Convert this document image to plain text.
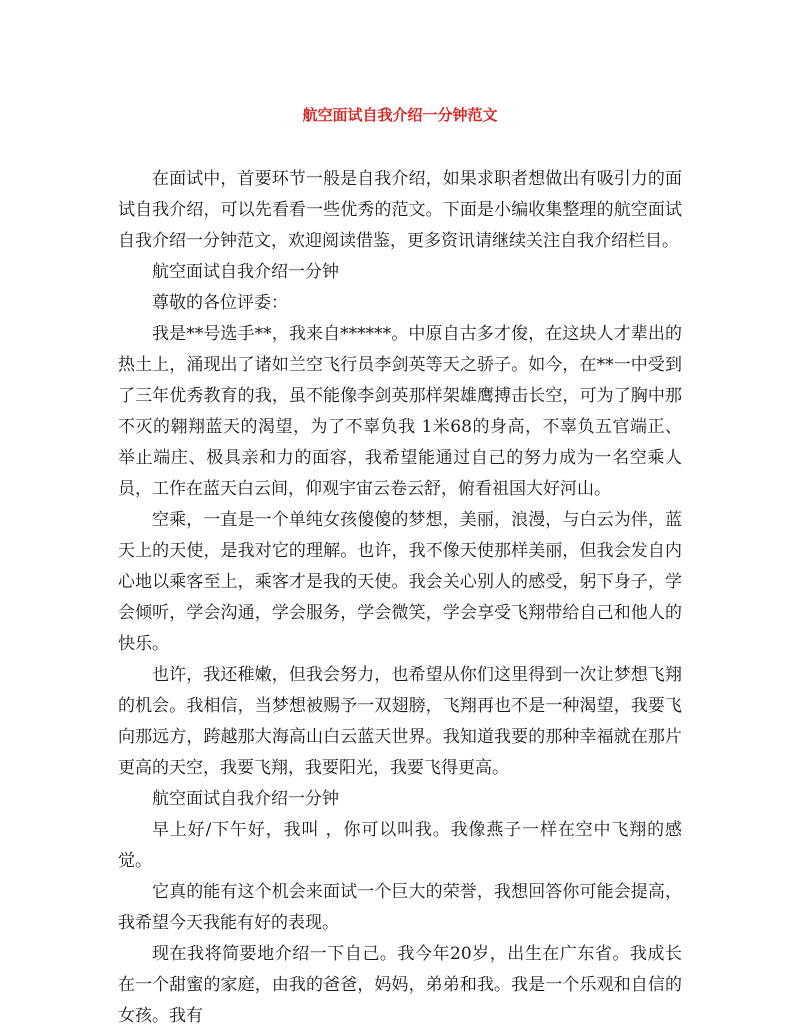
航空面试自我介绍一分钟范文

在面试中，首要环节一般是自我介绍，如果求职者想做出有吸引力的面试自我介绍，可以先看看一些优秀的范文。下面是小编收集整理的航空面试自我介绍一分钟范文，欢迎阅读借鉴，更多资讯请继续关注自我介绍栏目。

航空面试自我介绍一分钟

尊敬的各位评委：

我是**号选手**，我来自******。中原自古多才俊，在这块人才辈出的热土上，涌现出了诸如兰空飞行员李剑英等天之骄子。如今，在**一中受到了三年优秀教育的我，虽不能像李剑英那样架雄鹰搏击长空，可为了胸中那不灭的翱翔蓝天的渴望，为了不辜负我 1米68的身高，不辜负五官端正、举止端庄、极具亲和力的面容，我希望能通过自己的努力成为一名空乘人员，工作在蓝天白云间，仰观宇宙云卷云舒，俯看祖国大好河山。

空乘，一直是一个单纯女孩傻傻的梦想，美丽，浪漫，与白云为伴，蓝天上的天使，是我对它的理解。也许，我不像天使那样美丽，但我会发自内心地以乘客至上，乘客才是我的天使。我会关心别人的感受，躬下身子，学会倾听，学会沟通，学会服务，学会微笑，学会享受飞翔带给自己和他人的快乐。

也许，我还稚嫩，但我会努力，也希望从你们这里得到一次让梦想飞翔的机会。我相信，当梦想被赐予一双翅膀，飞翔再也不是一种渴望，我要飞向那远方，跨越那大海高山白云蓝天世界。我知道我要的那种幸福就在那片更高的天空，我要飞翔，我要阳光，我要飞得更高。

航空面试自我介绍一分钟

早上好/下午好，我叫 ，你可以叫我。我像燕子一样在空中飞翔的感觉。

它真的能有这个机会来面试一个巨大的荣誉，我想回答你可能会提高，我希望今天我能有好的表现。

现在我将简要地介绍一下自己。我今年20岁，出生在广东省。我成长在一个甜蜜的家庭，由我的爸爸，妈妈，弟弟和我。我是一个乐观和自信的女孩。我有
